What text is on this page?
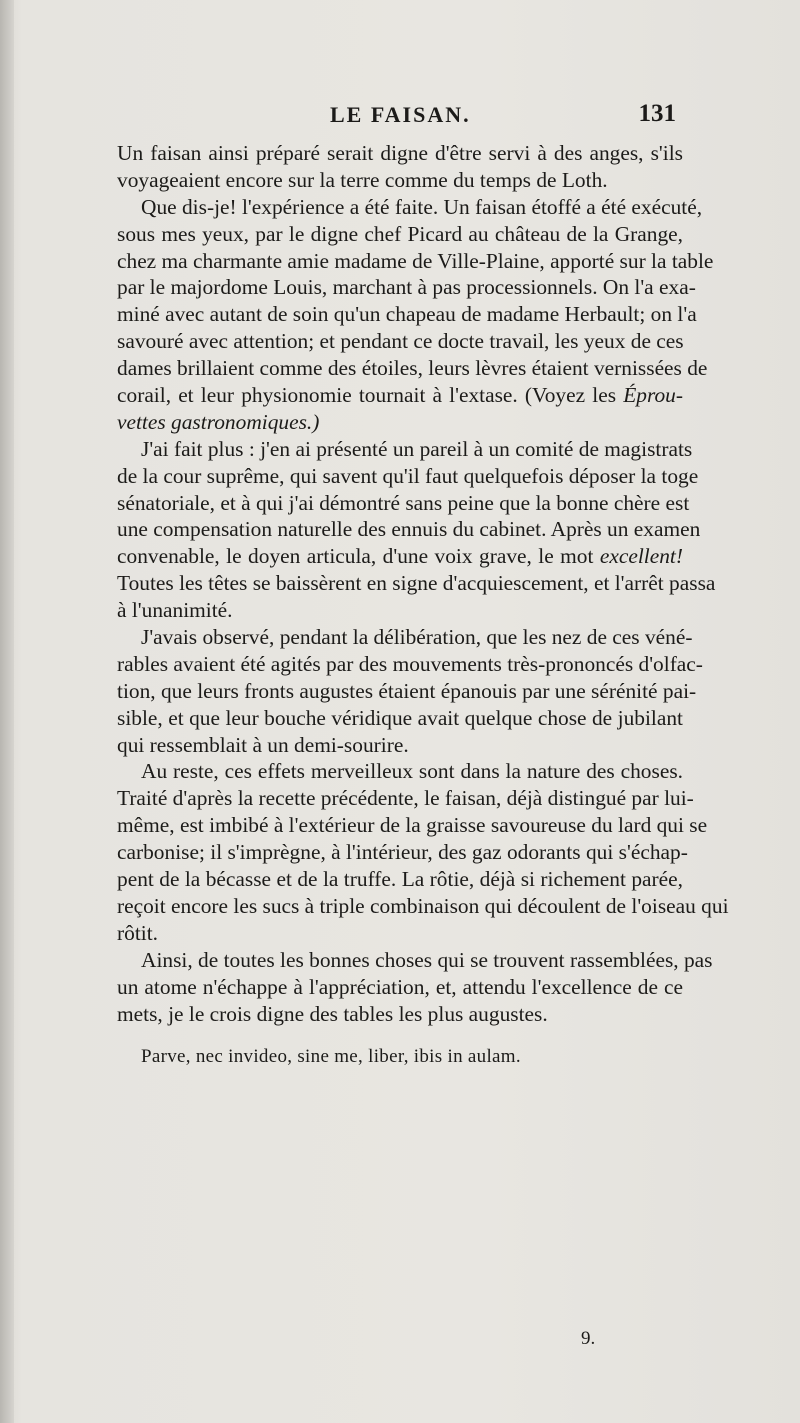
LE FAISAN.	131
Un faisan ainsi préparé serait digne d'être servi à des anges, s'ils
voyageaient encore sur la terre comme du temps de Loth.
Que dis-je! l'expérience a été faite. Un faisan étoffé a été exécuté,
sous mes yeux, par le digne chef Picard au château de la Grange,
chez ma charmante amie madame de Ville-Plaine, apporté sur la table
par le majordome Louis, marchant à pas processionnels. On l'a exa-
miné avec autant de soin qu'un chapeau de madame Herbault; on l'a
savouré avec attention; et pendant ce docte travail, les yeux de ces
dames brillaient comme des étoiles, leurs lèvres étaient vernissées de
corail, et leur physionomie tournait à l'extase. (Voyez les Éprou-
vettes gastronomiques.)
J'ai fait plus : j'en ai présenté un pareil à un comité de magistrats
de la cour suprême, qui savent qu'il faut quelquefois déposer la toge
sénatoriale, et à qui j'ai démontré sans peine que la bonne chère est
une compensation naturelle des ennuis du cabinet. Après un examen
convenable, le doyen articula, d'une voix grave, le mot excellent!
Toutes les têtes se baissèrent en signe d'acquiescement, et l'arrêt passa
à l'unanimité.
J'avais observé, pendant la délibération, que les nez de ces véné-
rables avaient été agités par des mouvements très-prononcés d'olfac-
tion, que leurs fronts augustes étaient épanouis par une sérénité pai-
sible, et que leur bouche véridique avait quelque chose de jubilant
qui ressemblait à un demi-sourire.
Au reste, ces effets merveilleux sont dans la nature des choses.
Traité d'après la recette précédente, le faisan, déjà distingué par lui-
même, est imbibé à l'extérieur de la graisse savoureuse du lard qui se
carbonise; il s'imprègne, à l'intérieur, des gaz odorants qui s'échap-
pent de la bécasse et de la truffe. La rôtie, déjà si richement parée,
reçoit encore les sucs à triple combinaison qui découlent de l'oiseau qui
rôtit.
Ainsi, de toutes les bonnes choses qui se trouvent rassemblées, pas
un atome n'échappe à l'appréciation, et, attendu l'excellence de ce
mets, je le crois digne des tables les plus augustes.
Parve, nec invideo, sine me, liber, ibis in aulam.
9.
